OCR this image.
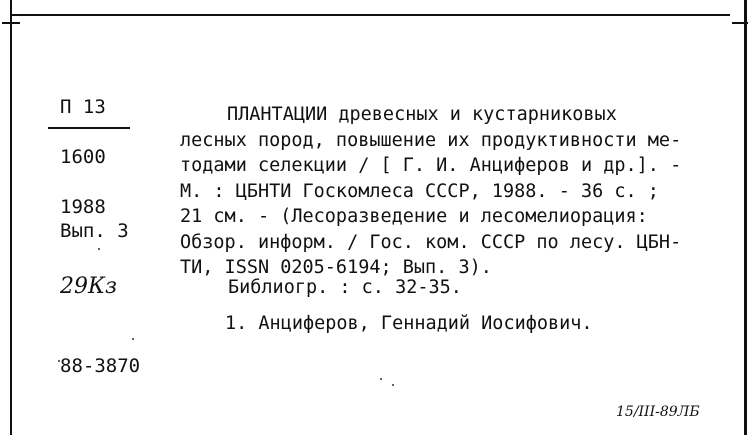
П 13
1600
1988
Вып. 3
29Кз
ПЛАНТАЦИИ древесных и кустарниковых
лесных пород, повышение их продуктивности ме-
тодами селекции / [ Г. И. Анциферов и др.]. -
М. : ЦБНТИ Госкомлеса СССР, 1988. - 36 с. ;
21 см. - (Лесоразведение и лесомелиорация:
Обзор. информ. / Гос. ком. СССР по лесу. ЦБН-
ТИ, ISSN 0205-6194; Вып. 3).
Библиогр. : с. 32-35.
1. Анциферов, Геннадий Иосифович.
88-3870
15/III-89ЛБ
